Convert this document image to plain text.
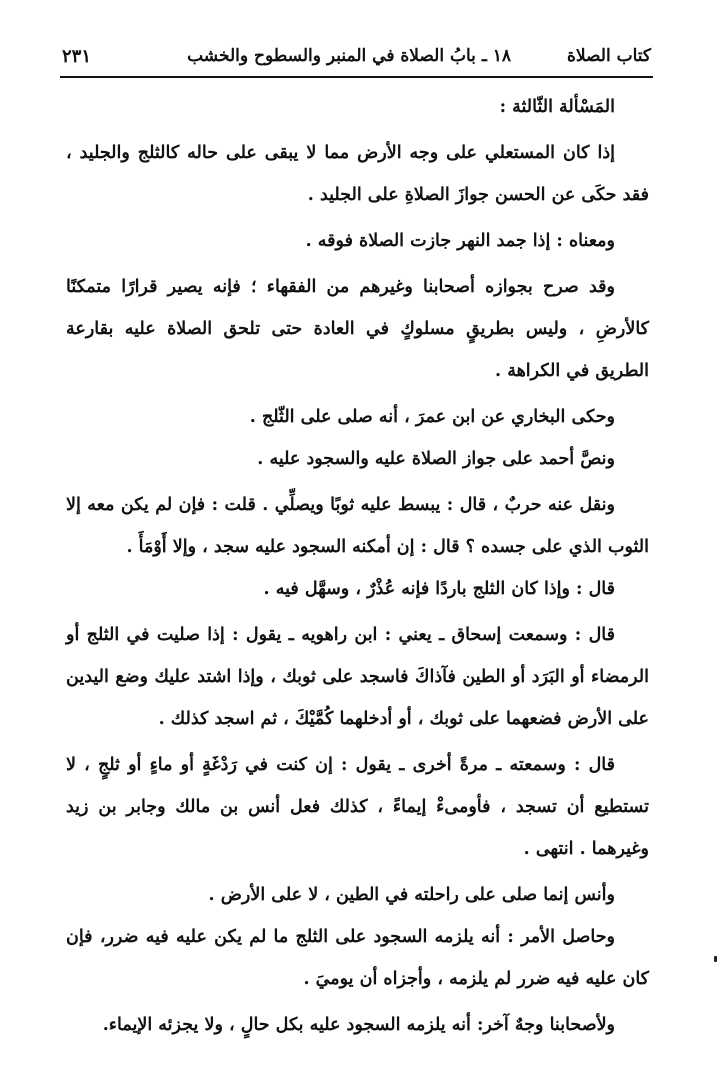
كتاب الصلاة
١٨ ـ بابُ الصلاة في المنبر والسطوح والخشب
٢٣١

المَسْألة الثّالثة :

إذا كان المستعلي على وجه الأرض مما لا يبقى على حاله كالثلج والجليد ، فقد حكَى عن الحسن جوازَ الصلاةِ على الجليد .

ومعناه : إذا جمد النهر جازت الصلاة فوقه .

وقد صرح بجوازه أصحابنا وغيرهم من الفقهاء ؛ فإنه يصير قرارًا متمكنًا كالأرضِ ، وليس بطريقٍ مسلوكٍ في العادة حتى تلحق الصلاة عليه بقارعة الطريق في الكراهة .

وحكى البخاري عن ابن عمرَ ، أنه صلى على الثّلج .

ونصَّ أحمد على جواز الصلاة عليه والسجود عليه .

ونقل عنه حربٌ ، قال : يبسط عليه ثوبًا ويصلِّي . قلت : فإن لم يكن معه إلا الثوب الذي على جسده ؟ قال : إن أمكنه السجود عليه سجد ، وإلا أَوْمَأَ .

قال : وإذا كان الثلج باردًا فإنه عُذْرٌ ، وسهَّل فيه .

قال : وسمعت إسحاق ـ يعني : ابن راهويه ـ يقول : إذا صليت في الثلج أو الرمضاء أو البَرَد أو الطين فآذاكَ فاسجد على ثوبك ، وإذا اشتد عليك وضع اليدين على الأرض فضعهما على ثوبك ، أو أدخلهما كُمَّيْكَ ، ثم اسجد كذلك .

قال : وسمعته ـ مرةً أخرى ـ يقول : إن كنت في رَدْغَةٍ أو ماءٍ أو ثلجٍ ، لا تستطيع أن تسجد ، فأومىءْ إيماءً ، كذلك فعل أنس بن مالك وجابر بن زيد وغيرهما . انتهى .

وأنس إنما صلى على راحلته في الطين ، لا على الأرض .

وحاصل الأمر : أنه يلزمه السجود على الثلج ما لم يكن عليه فيه ضرر، فإن كان عليه فيه ضرر لم يلزمه ، وأجزاه أن يوميَ .

ولأصحابنا وجهٌ آخر: أنه يلزمه السجود عليه بكل حالٍ ، ولا يجزئه الإيماء.
